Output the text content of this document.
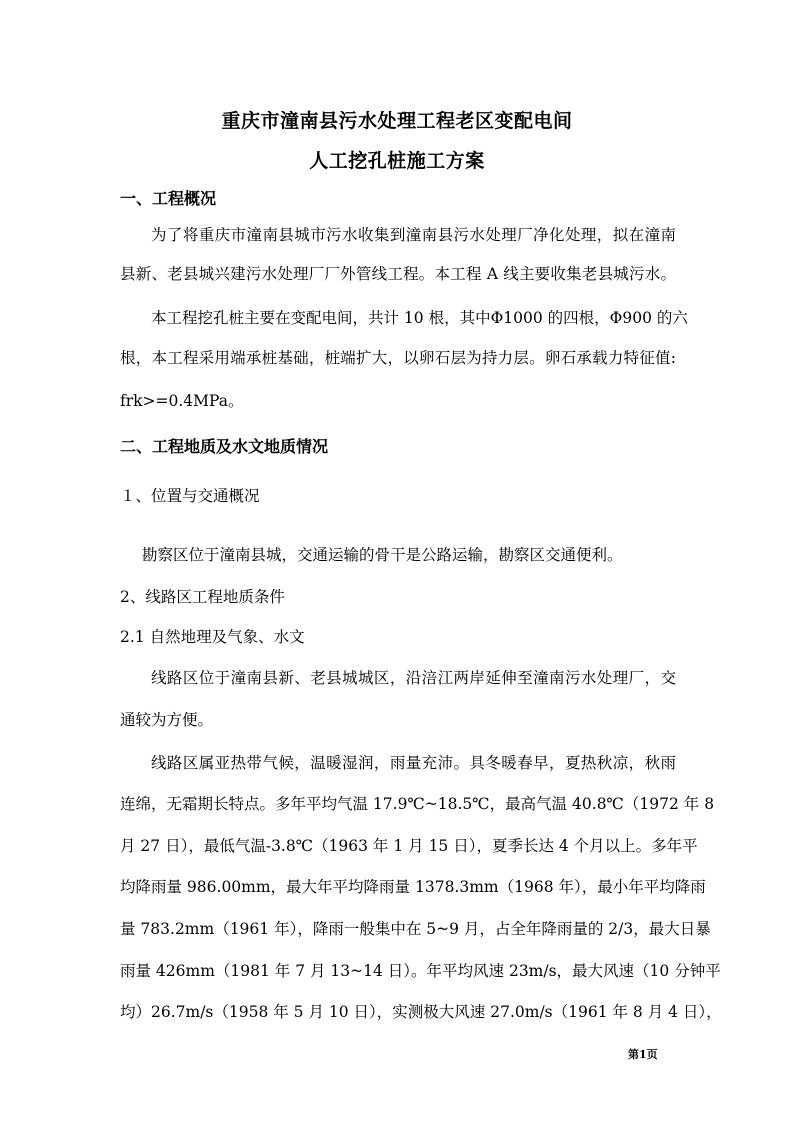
重庆市潼南县污水处理工程老区变配电间
人工挖孔桩施工方案
一、工程概况
为了将重庆市潼南县城市污水收集到潼南县污水处理厂净化处理，拟在潼南
县新、老县城兴建污水处理厂厂外管线工程。本工程 A 线主要收集老县城污水。
本工程挖孔桩主要在变配电间，共计 10 根，其中Φ1000 的四根，Φ900 的六
根，本工程采用端承桩基础，桩端扩大，以卵石层为持力层。卵石承载力特征值:
frk>=0.4MPa。
二、工程地质及水文地质情况
１、位置与交通概况
勘察区位于潼南县城，交通运输的骨干是公路运输，勘察区交通便利。
2、线路区工程地质条件
2.1 自然地理及气象、水文
线路区位于潼南县新、老县城城区，沿涪江两岸延伸至潼南污水处理厂，交
通较为方便。
线路区属亚热带气候，温暖湿润，雨量充沛。具冬暖春早，夏热秋凉，秋雨
连绵，无霜期长特点。多年平均气温 17.9℃~18.5℃，最高气温 40.8℃（1972 年 8
月 27 日），最低气温-3.8℃（1963 年 1 月 15 日），夏季长达 4 个月以上。多年平
均降雨量 986.00mm，最大年平均降雨量 1378.3mm（1968 年），最小年平均降雨
量 783.2mm（1961 年），降雨一般集中在 5~9 月，占全年降雨量的 2/3，最大日暴
雨量 426mm（1981 年 7 月 13~14 日）。年平均风速 23m/s，最大风速（10 分钟平
均）26.7m/s（1958 年 5 月 10 日），实测极大风速 27.0m/s（1961 年 8 月 4 日），
第1页
